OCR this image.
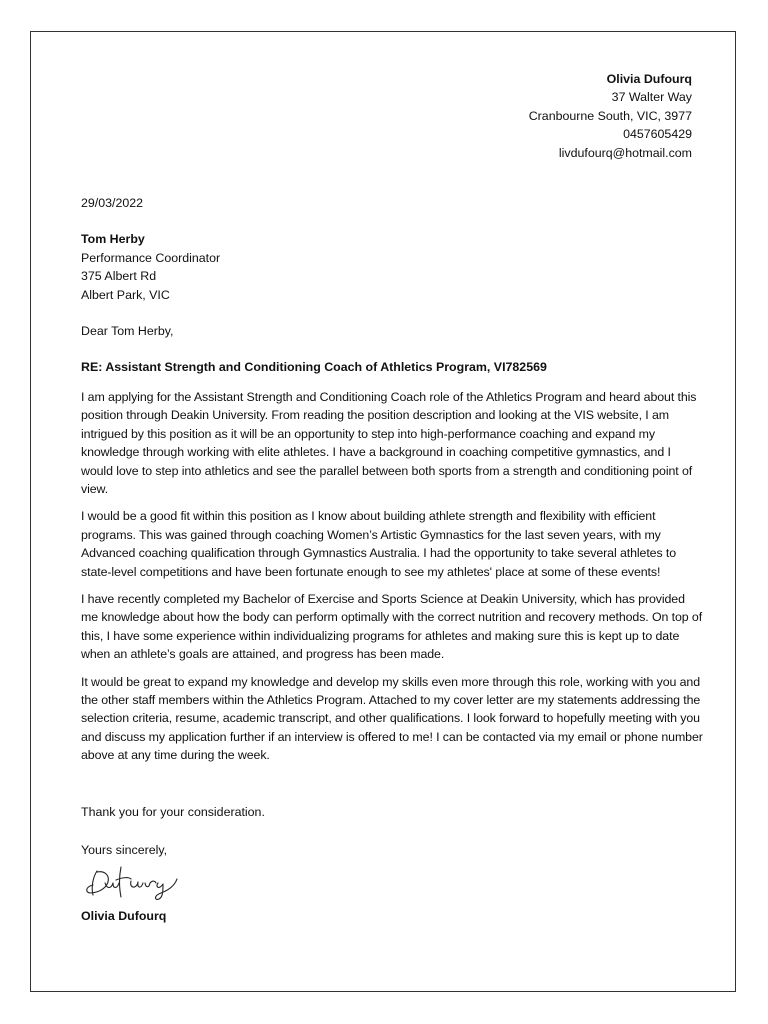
Olivia Dufourq
37 Walter Way
Cranbourne South, VIC, 3977
0457605429
livdufourq@hotmail.com
29/03/2022
Tom Herby
Performance Coordinator
375 Albert Rd
Albert Park, VIC
Dear Tom Herby,
RE: Assistant Strength and Conditioning Coach of Athletics Program, VI782569
I am applying for the Assistant Strength and Conditioning Coach role of the Athletics Program and heard about this position through Deakin University. From reading the position description and looking at the VIS website, I am intrigued by this position as it will be an opportunity to step into high-performance coaching and expand my knowledge through working with elite athletes. I have a background in coaching competitive gymnastics, and I would love to step into athletics and see the parallel between both sports from a strength and conditioning point of view.
I would be a good fit within this position as I know about building athlete strength and flexibility with efficient programs. This was gained through coaching Women’s Artistic Gymnastics for the last seven years, with my Advanced coaching qualification through Gymnastics Australia. I had the opportunity to take several athletes to state-level competitions and have been fortunate enough to see my athletes' place at some of these events!
I have recently completed my Bachelor of Exercise and Sports Science at Deakin University, which has provided me knowledge about how the body can perform optimally with the correct nutrition and recovery methods. On top of this, I have some experience within individualizing programs for athletes and making sure this is kept up to date when an athlete’s goals are attained, and progress has been made.
It would be great to expand my knowledge and develop my skills even more through this role, working with you and the other staff members within the Athletics Program. Attached to my cover letter are my statements addressing the selection criteria, resume, academic transcript, and other qualifications. I look forward to hopefully meeting with you and discuss my application further if an interview is offered to me! I can be contacted via my email or phone number above at any time during the week.
Thank you for your consideration.
Yours sincerely,
Olivia Dufourq
